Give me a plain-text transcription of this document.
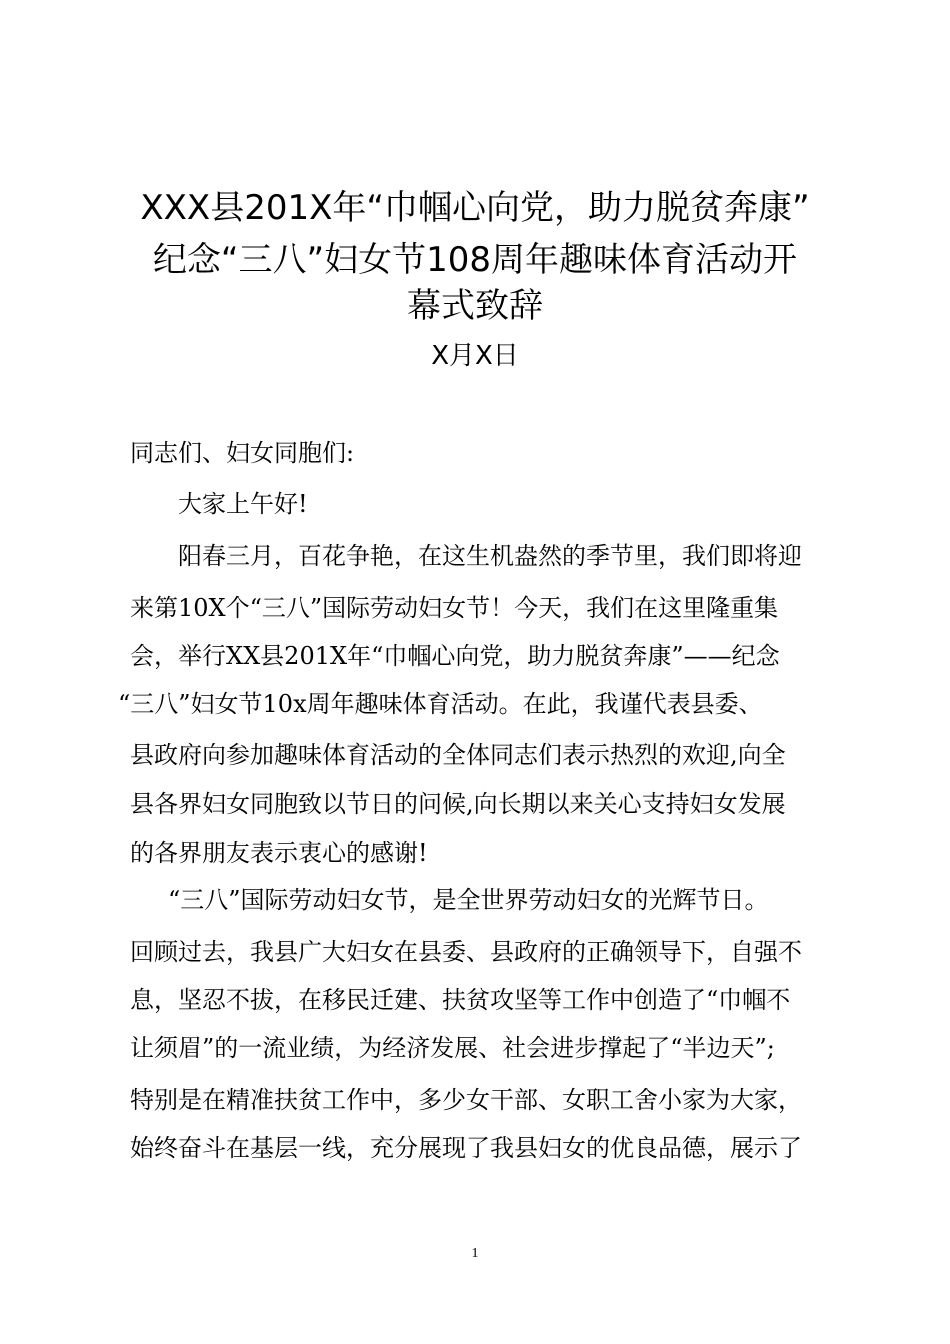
XXX县201X年“巾帼心向党，助力脱贫奔康”
纪念“三八”妇女节108周年趣味体育活动开
幕式致辞
X月X日
同志们、妇女同胞们:
大家上午好!
阳春三月，百花争艳，在这生机盎然的季节里，我们即将迎
来第10X个“三八”国际劳动妇女节！今天，我们在这里隆重集
会，举行XX县201X年“巾帼心向党，助力脱贫奔康”——纪念
“三八”妇女节10x周年趣味体育活动。在此，我谨代表县委、
县政府向参加趣味体育活动的全体同志们表示热烈的欢迎,向全
县各界妇女同胞致以节日的问候,向长期以来关心支持妇女发展
的各界朋友表示衷心的感谢!
“三八”国际劳动妇女节，是全世界劳动妇女的光辉节日。
回顾过去，我县广大妇女在县委、县政府的正确领导下，自强不
息，坚忍不拔，在移民迁建、扶贫攻坚等工作中创造了“巾帼不
让须眉”的一流业绩，为经济发展、社会进步撑起了“半边天”;
特别是在精准扶贫工作中，多少女干部、女职工舍小家为大家，
始终奋斗在基层一线，充分展现了我县妇女的优良品德，展示了
1
